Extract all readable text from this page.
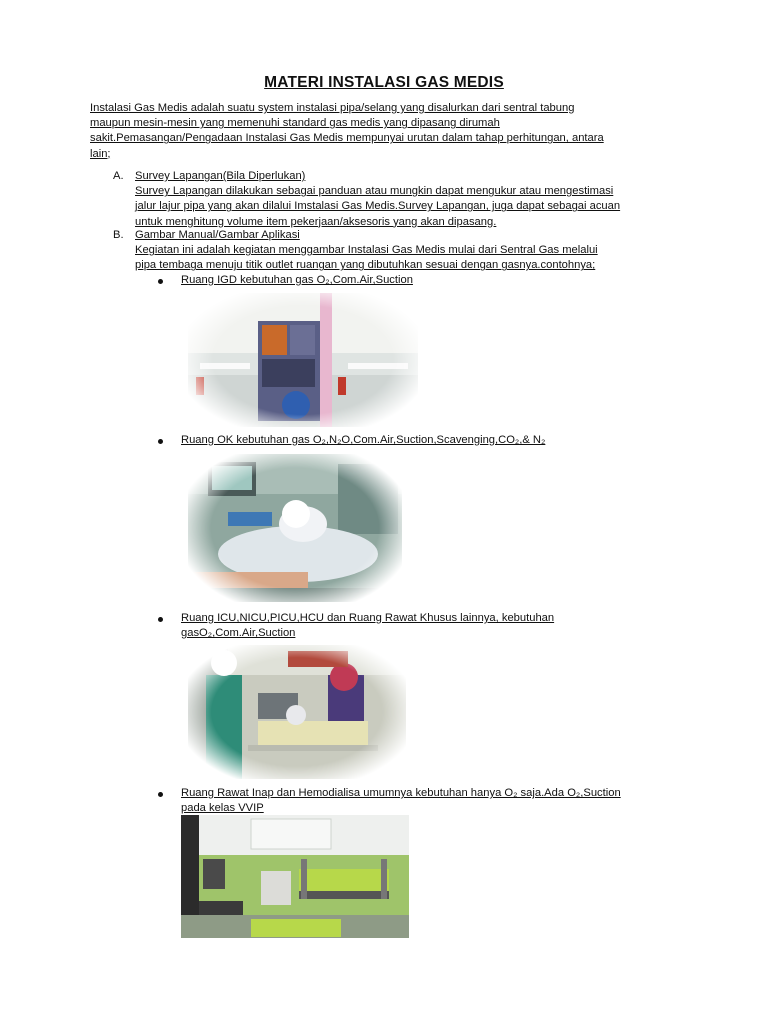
MATERI INSTALASI GAS MEDIS
Instalasi Gas Medis adalah suatu system instalasi pipa/selang yang disalurkan dari sentral tabung
maupun mesin-mesin yang memenuhi standard gas medis yang dipasang dirumah
sakit.Pemasangan/Pengadaan Instalasi Gas Medis mempunyai urutan dalam tahap perhitungan, antara
lain;
A. Survey Lapangan(Bila Diperlukan)
Survey Lapangan dilakukan sebagai panduan atau mungkin dapat mengukur atau mengestimasi
jalur lajur pipa yang akan dilalui Imstalasi Gas Medis.Survey Lapangan, juga dapat sebagai acuan
untuk menghitung volume item pekerjaan/aksesoris yang akan dipasang.
B. Gambar Manual/Gambar Aplikasi
Kegiatan ini adalah kegiatan menggambar Instalasi Gas Medis mulai dari Sentral Gas melalui
pipa tembaga menuju titik outlet ruangan yang dibutuhkan sesuai dengan gasnya.contohnya;
Ruang IGD kebutuhan gas O₂,Com.Air,Suction
Ruang OK kebutuhan gas O₂,N₂O,Com.Air,Suction,Scavenging,CO₂,& N₂
Ruang ICU,NICU,PICU,HCU dan Ruang Rawat Khusus lainnya, kebutuhan
gasO₂,Com.Air,Suction
Ruang Rawat Inap dan Hemodialisa umumnya kebutuhan hanya O₂ saja.Ada O₂,Suction
pada kelas VVIP
